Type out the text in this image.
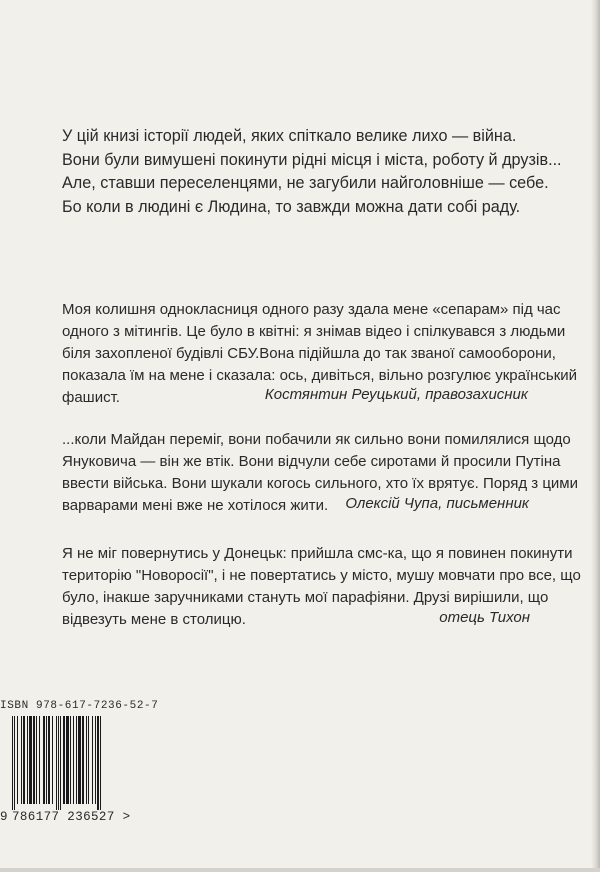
У цій книзі історії людей, яких спіткало велике лихо — війна.
Вони були вимушені покинути рідні місця і міста, роботу й друзів...
Але, ставши переселенцями, не загубили найголовніше — себе.
Бо коли в людині є Людина, то завжди можна дати собі раду.

Моя колишня однокласниця одного разу здала мене «сепарам» під час
одного з мітингів. Це було в квітні: я знімав відео і спілкувався з людьми
біля захопленої будівлі СБУ.Вона підійшла до так званої самооборони,
показала їм на мене і сказала: ось, дивіться, вільно розгулює український
фашист.	Костянтин Реуцький, правозахисник

...коли Майдан переміг, вони побачили як сильно вони помилялися щодо
Януковича — він же втік. Вони відчули себе сиротами й просили Путіна
ввести війська. Вони шукали когось сильного, хто їх врятує. Поряд з цими
варварами мені вже не хотілося жити.	Олексій Чупа, письменник

Я не міг повернутись у Донецьк: прийшла смс-ка, що я повинен покинути
територію "Новоросії", і не повертатись у місто, мушу мовчати про все, що
було, інакше заручниками стануть мої парафіяни. Друзі вирішили, що
відвезуть мене в столицю.	отець Тихон
ISBN 978-617-7236-52-7
9 786177 236527 >
